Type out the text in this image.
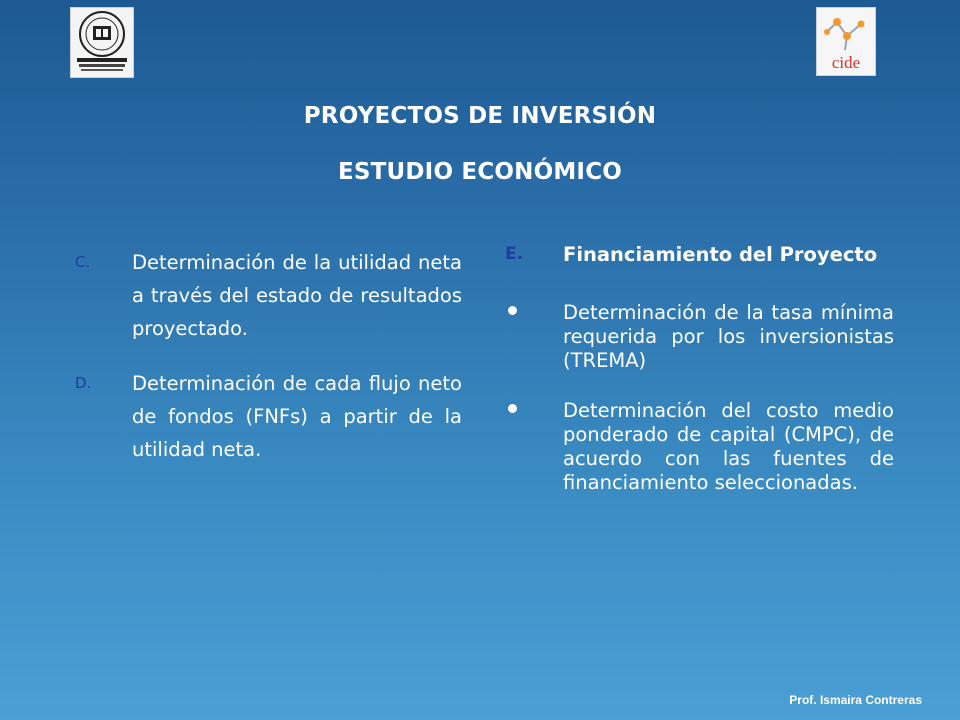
cide
PROYECTOS DE INVERSIÓN
ESTUDIO ECONÓMICO
C. Determinación de la utilidad neta a través del estado de resultados proyectado.
D. Determinación de cada flujo neto de fondos (FNFs) a partir de la utilidad neta.
E. Financiamiento del Proyecto
Determinación de la tasa mínima requerida por los inversionistas (TREMA)
Determinación del costo medio ponderado de capital (CMPC), de acuerdo con las fuentes de financiamiento seleccionadas.
Prof. Ismaira Contreras
